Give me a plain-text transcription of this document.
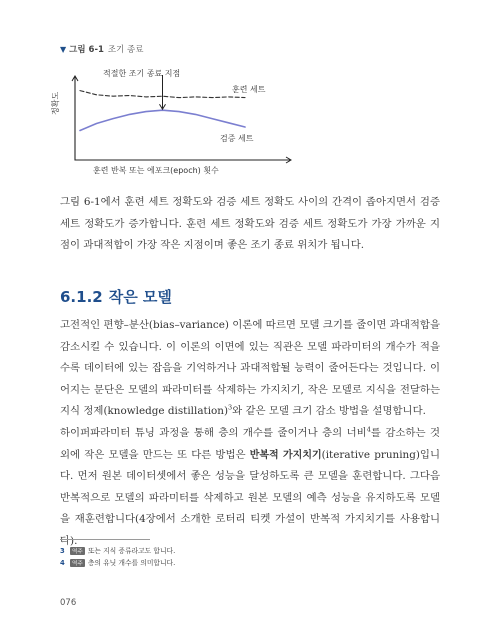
▼ 그림 6-1 조기 종료
적절한 조기 종료 지점
훈련 세트
검증 세트
정확도
훈련 반복 또는 에포크(epoch) 횟수
그림 6-1에서 훈련 세트 정확도와 검증 세트 정확도 사이의 간격이 좁아지면서 검증 세트 정확도가 증가합니다. 훈련 세트 정확도와 검증 세트 정확도가 가장 가까운 지점이 과대적합이 가장 작은 지점이며 좋은 조기 종료 위치가 됩니다.
6.1.2 작은 모델
고전적인 편향–분산(bias–variance) 이론에 따르면 모델 크기를 줄이면 과대적합을 감소시킬 수 있습니다. 이 이론의 이면에 있는 직관은 모델 파라미터의 개수가 적을수록 데이터에 있는 잡음을 기억하거나 과대적합될 능력이 줄어든다는 것입니다. 이어지는 문단은 모델의 파라미터를 삭제하는 가지치기, 작은 모델로 지식을 전달하는 지식 정제(knowledge distillation)$^3$와 같은 모델 크기 감소 방법을 설명합니다.
하이퍼파라미터 튜닝 과정을 통해 층의 개수를 줄이거나 층의 너비$^4$를 감소하는 것 외에 작은 모델을 만드는 또 다른 방법은 반복적 가지치기(iterative pruning)입니다. 먼저 원본 데이터셋에서 좋은 성능을 달성하도록 큰 모델을 훈련합니다. 그다음 반복적으로 모델의 파라미터를 삭제하고 원본 모델의 예측 성능을 유지하도록 모델을 재훈련합니다(4장에서 소개한 로터리 티켓 가설이 반복적 가지치기를 사용합니다).
3 역주 또는 지식 증류라고도 합니다.
4 역주 층의 유닛 개수를 의미합니다.
076
